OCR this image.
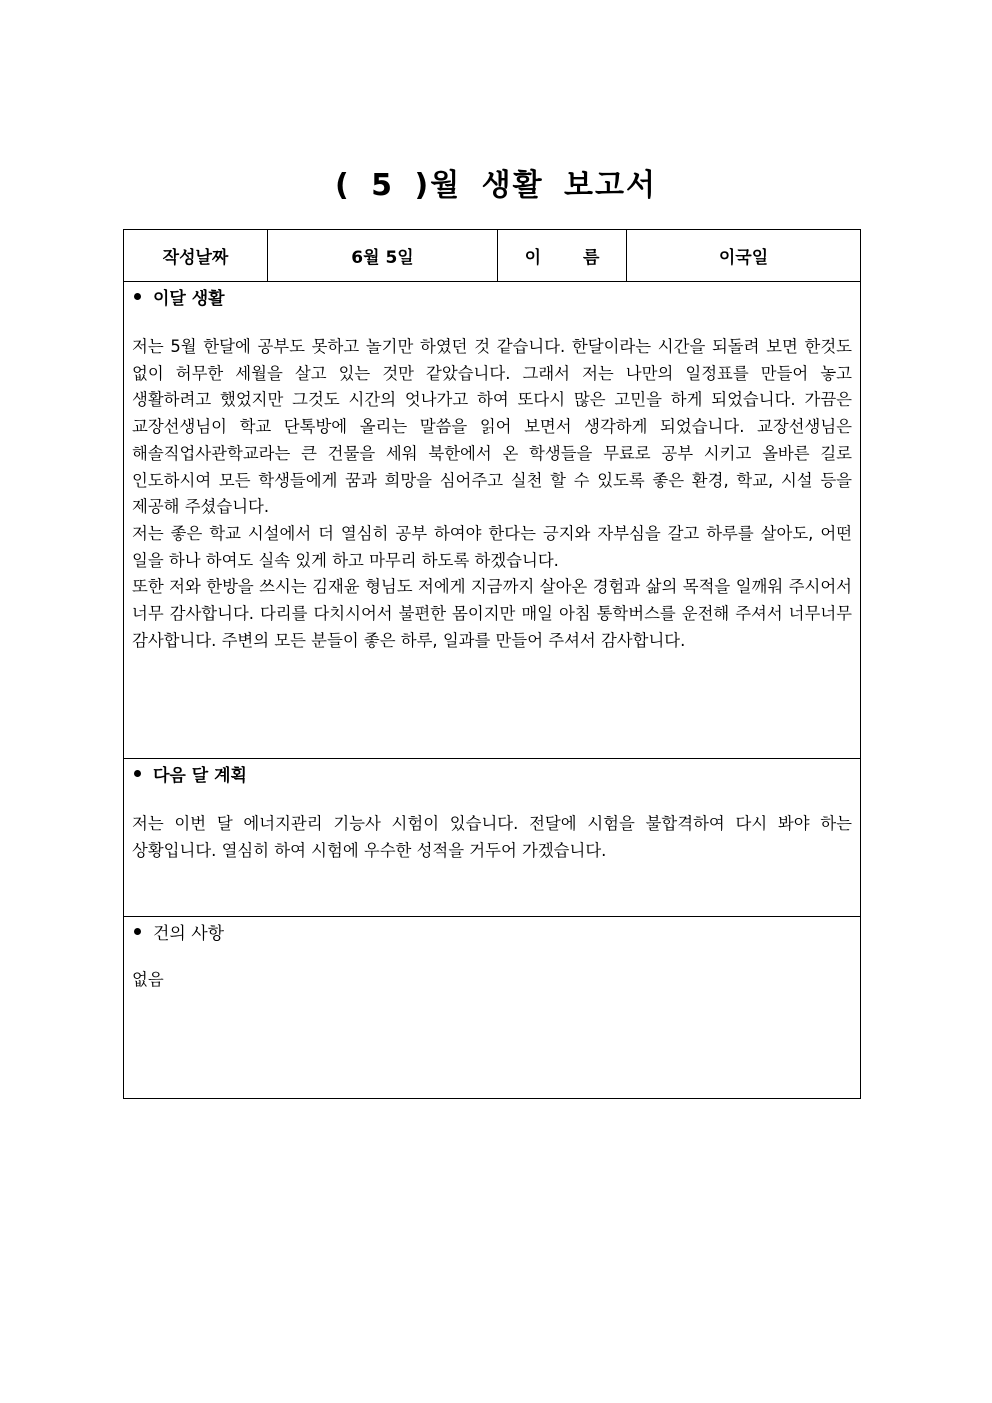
( 5 )월 생활 보고서
작성날짜	6월 5일	이 름	이국일
이달 생활

저는 5월 한달에 공부도 못하고 놀기만 하였던 것 같습니다. 한달이라는 시간을 되돌려 보면 한것도 없이 허무한 세월을 살고 있는 것만 같았습니다. 그래서 저는 나만의 일정표를 만들어 놓고 생활하려고 했었지만 그것도 시간의 엇나가고 하여 또다시 많은 고민을 하게 되었습니다. 가끔은 교장선생님이 학교 단톡방에 올리는 말씀을 읽어 보면서 생각하게 되었습니다. 교장선생님은 해솔직업사관학교라는 큰 건물을 세워 북한에서 온 학생들을 무료로 공부 시키고 올바른 길로 인도하시여 모든 학생들에게 꿈과 희망을 심어주고 실천 할 수 있도록 좋은 환경, 학교, 시설 등을 제공해 주셨습니다.

저는 좋은 학교 시설에서 더 열심히 공부 하여야 한다는 긍지와 자부심을 갈고 하루를 살아도, 어떤 일을 하나 하여도 실속 있게 하고 마무리 하도록 하겠습니다.

또한 저와 한방을 쓰시는 김재윤 형님도 저에게 지금까지 살아온 경험과 삶의 목적을 일깨워 주시어서 너무 감사합니다. 다리를 다치시어서 불편한 몸이지만 매일 아침 통학버스를 운전해 주셔서 너무너무 감사합니다. 주변의 모든 분들이 좋은 하루, 일과를 만들어 주셔서 감사합니다.

다음 달 계획

저는 이번 달 에너지관리 기능사 시험이 있습니다. 전달에 시험을 불합격하여 다시 봐야 하는 상황입니다. 열심히 하여 시험에 우수한 성적을 거두어 가겠습니다.

건의 사항

없음
